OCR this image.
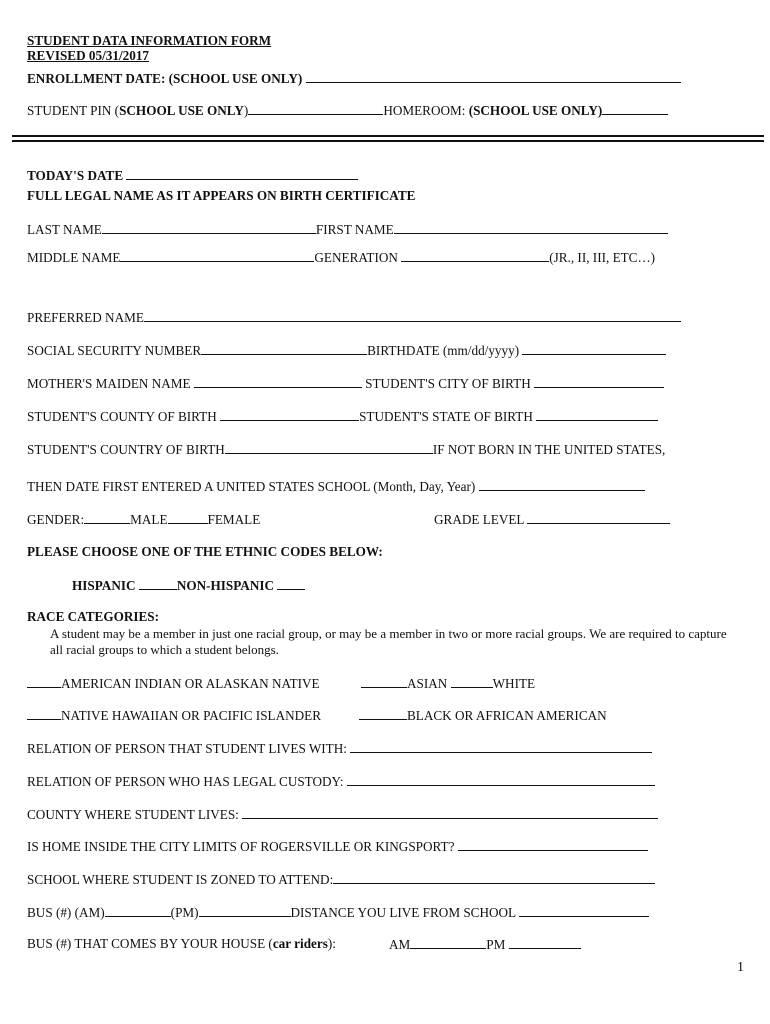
STUDENT DATA INFORMATION FORM
REVISED 05/31/2017
ENROLLMENT DATE: (SCHOOL USE ONLY)
STUDENT PIN (SCHOOL USE ONLY)	HOMEROOM: (SCHOOL USE ONLY)
TODAY'S DATE
FULL LEGAL NAME AS IT APPEARS ON BIRTH CERTIFICATE
LAST NAME	FIRST NAME
MIDDLE NAME	GENERATION	(JR., II, III, ETC…)
PREFERRED NAME
SOCIAL SECURITY NUMBER	BIRTHDATE (mm/dd/yyyy)
MOTHER'S MAIDEN NAME	STUDENT'S CITY OF BIRTH
STUDENT'S COUNTY OF BIRTH	STUDENT'S STATE OF BIRTH
STUDENT'S COUNTRY OF BIRTH	IF NOT BORN IN THE UNITED STATES,
THEN DATE FIRST ENTERED A UNITED STATES SCHOOL (Month, Day, Year)
GENDER:	MALE	FEMALE	GRADE LEVEL
PLEASE CHOOSE ONE OF THE ETHNIC CODES BELOW:
HISPANIC	NON-HISPANIC
RACE CATEGORIES:
A student may be a member in just one racial group, or may be a member in two or more racial groups. We are required to capture all racial groups to which a student belongs.
AMERICAN INDIAN OR ALASKAN NATIVE	ASIAN	WHITE
NATIVE HAWAIIAN OR PACIFIC ISLANDER	BLACK OR AFRICAN AMERICAN
RELATION OF PERSON THAT STUDENT LIVES WITH:
RELATION OF PERSON WHO HAS LEGAL CUSTODY:
COUNTY WHERE STUDENT LIVES:
IS HOME INSIDE THE CITY LIMITS OF ROGERSVILLE OR KINGSPORT?
SCHOOL WHERE STUDENT IS ZONED TO ATTEND:
BUS (#) (AM)	(PM)	DISTANCE YOU LIVE FROM SCHOOL
BUS (#) THAT COMES BY YOUR HOUSE (car riders):	AM	PM
1
